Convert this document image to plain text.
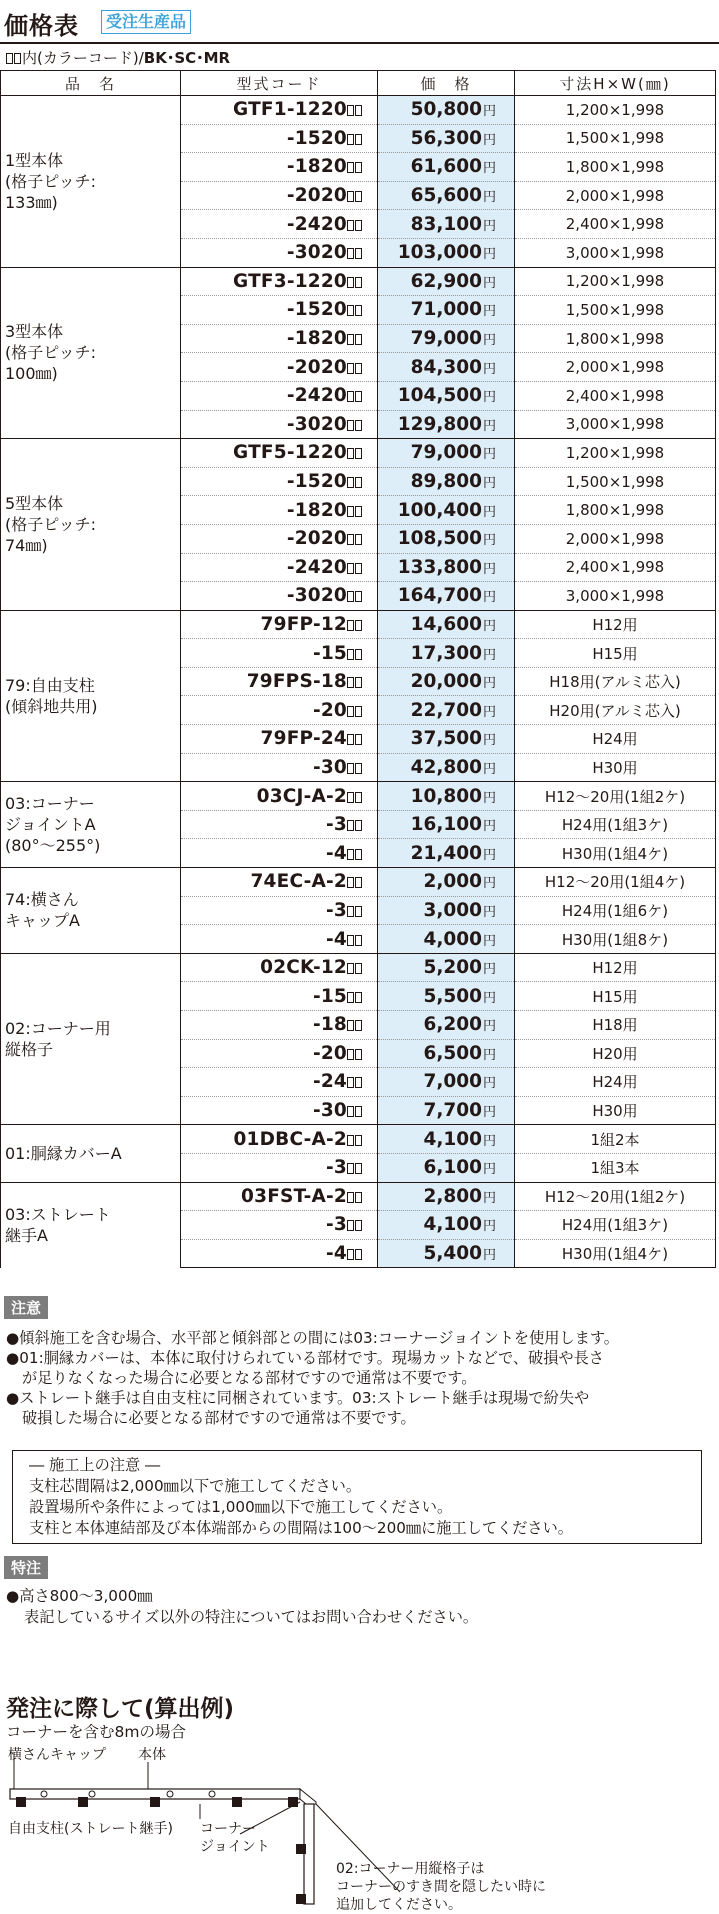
価格表	受注生産品
内(カラーコード)/BK･SC･MR
品　名	型式コード	価　格	寸法H×W(㎜)

1型本体
(格子ピッチ:
133㎜)	GTF1-1220	50,800円	1,200×1,998
	-1520	56,300円	1,500×1,998
	-1820	61,600円	1,800×1,998
	-2020	65,600円	2,000×1,998
	-2420	83,100円	2,400×1,998
	-3020	103,000円	3,000×1,998

3型本体
(格子ピッチ:
100㎜)	GTF3-1220	62,900円	1,200×1,998
	-1520	71,000円	1,500×1,998
	-1820	79,000円	1,800×1,998
	-2020	84,300円	2,000×1,998
	-2420	104,500円	2,400×1,998
	-3020	129,800円	3,000×1,998

5型本体
(格子ピッチ:
74㎜)	GTF5-1220	79,000円	1,200×1,998
	-1520	89,800円	1,500×1,998
	-1820	100,400円	1,800×1,998
	-2020	108,500円	2,000×1,998
	-2420	133,800円	2,400×1,998
	-3020	164,700円	3,000×1,998

79:自由支柱
(傾斜地共用)	79FP-12	14,600円	H12用
	-15	17,300円	H15用
	79FPS-18	20,000円	H18用(アルミ芯入)
	-20	22,700円	H20用(アルミ芯入)
	79FP-24	37,500円	H24用
	-30	42,800円	H30用

03:コーナー
ジョイントA
(80°〜255°)	03CJ-A-2	10,800円	H12〜20用(1組2ケ)
	-3	16,100円	H24用(1組3ケ)
	-4	21,400円	H30用(1組4ケ)

74:横さん
キャップA	74EC-A-2	2,000円	H12〜20用(1組4ケ)
	-3	3,000円	H24用(1組6ケ)
	-4	4,000円	H30用(1組8ケ)

02:コーナー用
縦格子	02CK-12	5,200円	H12用
	-15	5,500円	H15用
	-18	6,200円	H18用
	-20	6,500円	H20用
	-24	7,000円	H24用
	-30	7,700円	H30用

01:胴縁カバーA	01DBC-A-2	4,100円	1組2本
	-3	6,100円	1組3本

03:ストレート
継手A	03FST-A-2	2,800円	H12〜20用(1組2ケ)
	-3	4,100円	H24用(1組3ケ)
	-4	5,400円	H30用(1組4ケ)
注意

●傾斜施工を含む場合、水平部と傾斜部との間には03:コーナージョイントを使用します。

●01:胴縁カバーは、本体に取付けられている部材です。現場カットなどで、破損や長さ

が足りなくなった場合に必要となる部材ですので通常は不要です。

●ストレート継手は自由支柱に同梱されています。03:ストレート継手は現場で紛失や

破損した場合に必要となる部材ですので通常は不要です。

― 施工上の注意 ―
支柱芯間隔は2,000㎜以下で施工してください。
設置場所や条件によっては1,000㎜以下で施工してください。
支柱と本体連結部及び本体端部からの間隔は100〜200㎜に施工してください。
特注
●高さ800〜3,000㎜
表記しているサイズ以外の特注についてはお問い合わせください。
発注に際して(算出例)
コーナーを含む8mの場合
横さんキャップ 本体
自由支柱(ストレート継手) コーナー
ジョイント
02:コーナー用縦格子は
コーナーのすき間を隠したい時に
追加してください。
